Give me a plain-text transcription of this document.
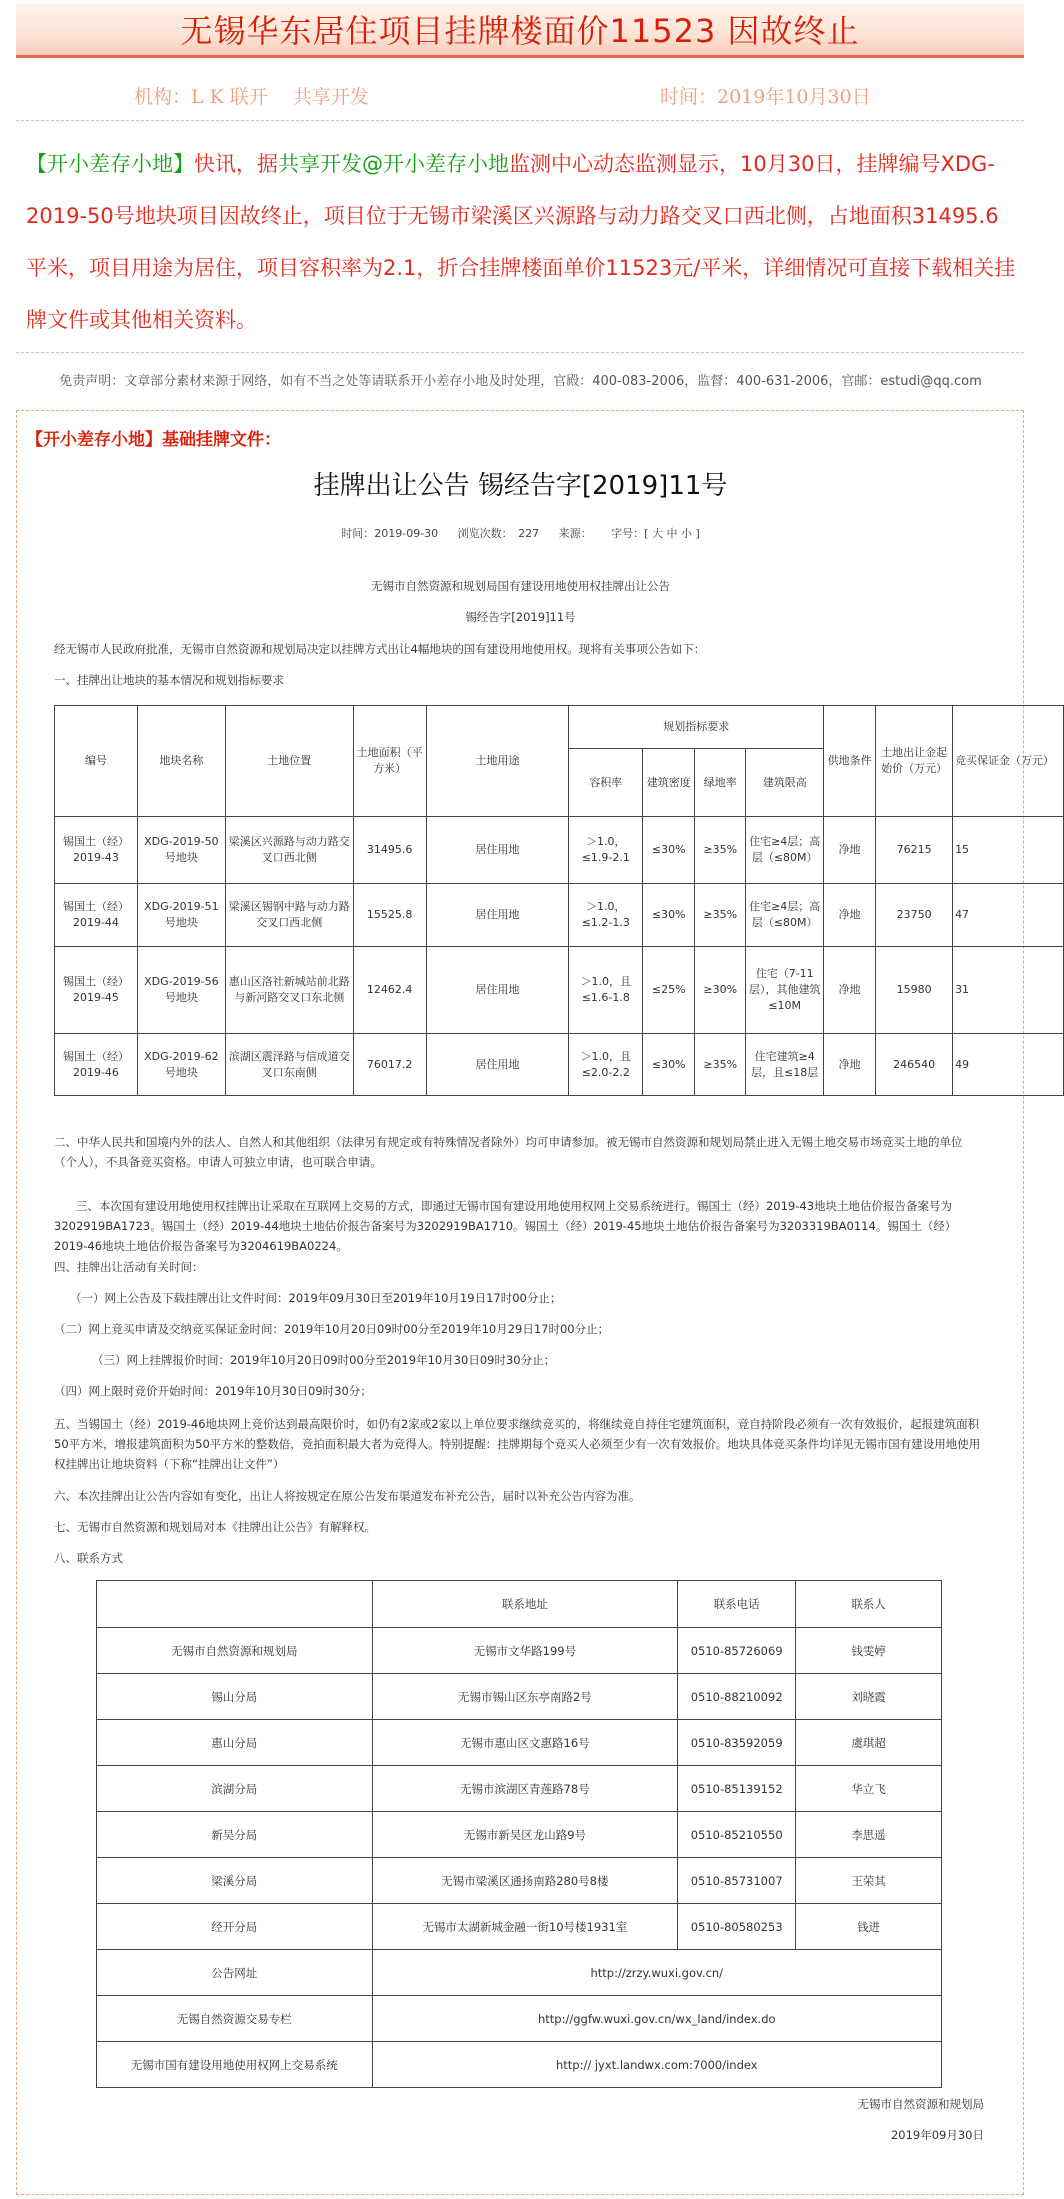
无锡华东居住项目挂牌楼面价11523 因故终止
机构：L K 联开　 共享开发	时间：2019年10月30日
【开小差存小地】快讯，据共享开发@开小差存小地监测中心动态监测显示，10月30日，挂牌编号XDG-2019-50号地块项目因故终止，项目位于无锡市梁溪区兴源路与动力路交叉口西北侧，占地面积31495.6平米，项目用途为居住，项目容积率为2.1，折合挂牌楼面单价11523元/平米，详细情况可直接下载相关挂牌文件或其他相关资料。
免责声明：文章部分素材来源于网络，如有不当之处等请联系开小差存小地及时处理，官殿：400-083-2006，监督：400-631-2006，官邮：estudi@qq.com
【开小差存小地】基础挂牌文件：
挂牌出让公告 锡经告字[2019]11号
时间：2019-09-30 浏览次数：　227 来源： 字号：[ 大 中 小 ]
无锡市自然资源和规划局国有建设用地使用权挂牌出让公告
锡经告字[2019]11号
经无锡市人民政府批准，无锡市自然资源和规划局决定以挂牌方式出让4幅地块的国有建设用地使用权。现将有关事项公告如下：
一、挂牌出让地块的基本情况和规划指标要求
编号	地块名称	土地位置	土地面积（平方米）	土地用途	规划指标要求				供地条件	土地出让金起始价（万元）	竞买保证金（万元）
					容积率	建筑密度	绿地率	建筑限高			
锡国土（经）2019-43	XDG-2019-50号地块	梁溪区兴源路与动力路交叉口西北侧	31495.6	居住用地	＞1.0，≤1.9-2.1	≤30%	≥35%	住宅≥4层；高层（≤80M）	净地	76215	15
锡国土（经）2019-44	XDG-2019-51号地块	梁溪区锡钢中路与动力路交叉口西北侧	15525.8	居住用地	＞1.0，≤1.2-1.3	≤30%	≥35%	住宅≥4层；高层（≤80M）	净地	23750	47
锡国土（经）2019-45	XDG-2019-56号地块	惠山区洛社新城站前北路与新河路交叉口东北侧	12462.4	居住用地	＞1.0，且≤1.6-1.8	≤25%	≥30%	住宅（7-11层），其他建筑≤10M	净地	15980	31
锡国土（经）2019-46	XDG-2019-62号地块	滨湖区震泽路与信成道交叉口东南侧	76017.2	居住用地	＞1.0，且≤2.0-2.2	≤30%	≥35%	住宅建筑≥4层，且≤18层	净地	246540	49
二、中华人民共和国境内外的法人、自然人和其他组织（法律另有规定或有特殊情况者除外）均可申请参加。被无锡市自然资源和规划局禁止进入无锡土地交易市场竞买土地的单位（个人），不具备竞买资格。申请人可独立申请，也可联合申请。
三、本次国有建设用地使用权挂牌出让采取在互联网上交易的方式，即通过无锡市国有建设用地使用权网上交易系统进行。锡国土（经）2019-43地块土地估价报告备案号为3202919BA1723。锡国土（经）2019-44地块土地估价报告备案号为3202919BA1710。锡国土（经）2019-45地块土地估价报告备案号为3203319BA0114。锡国土（经）2019-46地块土地估价报告备案号为3204619BA0224。
四、挂牌出让活动有关时间：
（一）网上公告及下载挂牌出让文件时间：2019年09月30日至2019年10月19日17时00分止；
（二）网上竞买申请及交纳竞买保证金时间：2019年10月20日09时00分至2019年10月29日17时00分止；
（三）网上挂牌报价时间：2019年10月20日09时00分至2019年10月30日09时30分止；
（四）网上限时竞价开始时间：2019年10月30日09时30分；
五、当锡国土（经）2019-46地块网上竞价达到最高限价时，如仍有2家或2家以上单位要求继续竞买的，将继续竞自持住宅建筑面积，竞自持阶段必须有一次有效报价，起报建筑面积50平方米，增报建筑面积为50平方米的整数倍，竞拍面积最大者为竞得人。特别提醒：挂牌期每个竞买人必须至少有一次有效报价。地块具体竞买条件均详见无锡市国有建设用地使用权挂牌出让地块资料（下称“挂牌出让文件”）
六、本次挂牌出让公告内容如有变化，出让人将按规定在原公告发布渠道发布补充公告，届时以补充公告内容为准。
七、无锡市自然资源和规划局对本《挂牌出让公告》有解释权。
八、联系方式
	联系地址	联系电话	联系人
无锡市自然资源和规划局	无锡市文华路199号	0510-85726069	钱雯婷
锡山分局	无锡市锡山区东亭南路2号	0510-88210092	刘晓霞
惠山分局	无锡市惠山区文惠路16号	0510-83592059	虞琪超
滨湖分局	无锡市滨湖区青莲路78号	0510-85139152	华立飞
新吴分局	无锡市新吴区龙山路9号	0510-85210550	李思遥
梁溪分局	无锡市梁溪区通扬南路280号8楼	0510-85731007	王荣其
经开分局	无锡市太湖新城金融一街10号楼1931室	0510-80580253	钱进
公告网址	http://zrzy.wuxi.gov.cn/		
无锡自然资源交易专栏	http://ggfw.wuxi.gov.cn/wx_land/index.do		
无锡市国有建设用地使用权网上交易系统	http:// jyxt.landwx.com:7000/index		
无锡市自然资源和规划局
2019年09月30日
